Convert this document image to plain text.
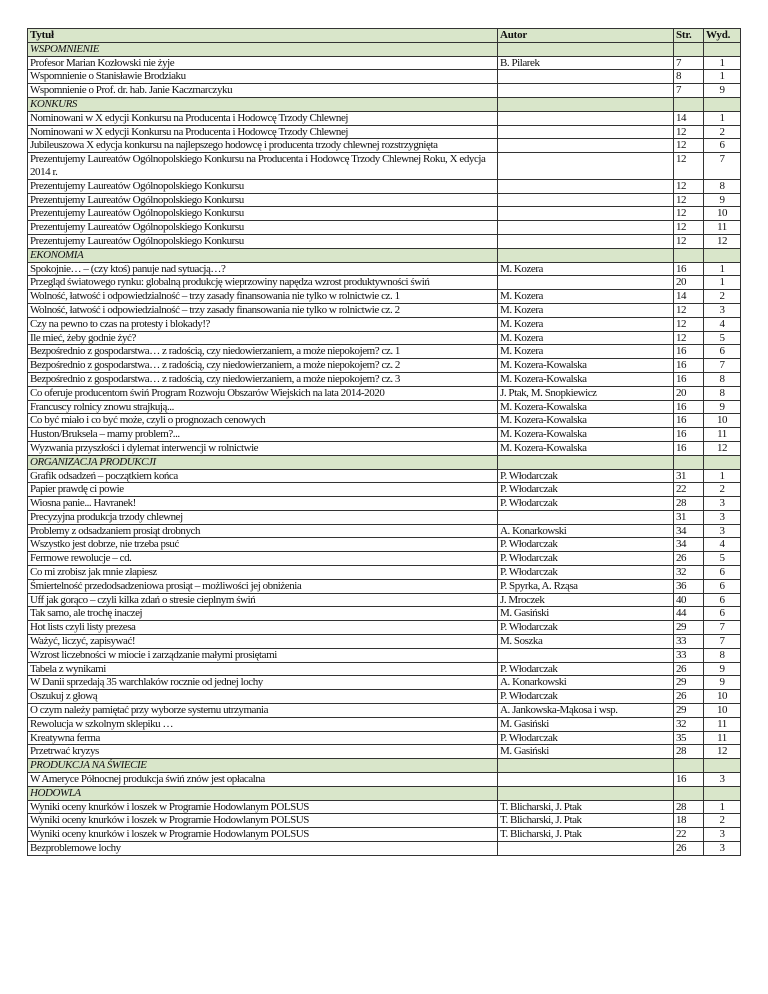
Tytuł	Autor	Str.	Wyd.
WSPOMNIENIE			
Profesor Marian Kozłowski nie żyje	B. Pilarek	7	1
Wspomnienie o Stanisławie Brodziaku		8	1
Wspomnienie o Prof. dr. hab. Janie Kaczmarczyku		7	9
KONKURS			
Nominowani w X edycji Konkursu na Producenta i Hodowcę Trzody Chlewnej		14	1
Nominowani w X edycji Konkursu na Producenta i Hodowcę Trzody Chlewnej		12	2
Jubileuszowa X edycja konkursu na najlepszego hodowcę i producenta trzody chlewnej rozstrzygnięta		12	6
Prezentujemy Laureatów Ogólnopolskiego Konkursu na Producenta i Hodowcę Trzody Chlewnej Roku, X edycja 2014 r.		12	7
Prezentujemy Laureatów Ogólnopolskiego Konkursu		12	8
Prezentujemy Laureatów Ogólnopolskiego Konkursu		12	9
Prezentujemy Laureatów Ogólnopolskiego Konkursu		12	10
Prezentujemy Laureatów Ogólnopolskiego Konkursu		12	11
Prezentujemy Laureatów Ogólnopolskiego Konkursu		12	12
EKONOMIA			
Spokojnie… – (czy ktoś) panuje nad sytuacją…?	M. Kozera	16	1
Przegląd światowego rynku: globalną produkcję wieprzowiny napędza wzrost produktywności świń		20	1
Wolność, łatwość i odpowiedzialność – trzy zasady finansowania nie tylko w rolnictwie cz. 1	M. Kozera	14	2
Wolność, łatwość i odpowiedzialność – trzy zasady finansowania nie tylko w rolnictwie cz. 2	M. Kozera	12	3
Czy na pewno to czas na protesty i blokady!?	M. Kozera	12	4
Ile mieć, żeby godnie żyć?	M. Kozera	12	5
Bezpośrednio z gospodarstwa… z radością, czy niedowierzaniem, a może niepokojem? cz. 1	M. Kozera	16	6
Bezpośrednio z gospodarstwa… z radością, czy niedowierzaniem, a może niepokojem? cz. 2	M. Kozera-Kowalska	16	7
Bezpośrednio z gospodarstwa… z radością, czy niedowierzaniem, a może niepokojem? cz. 3	M. Kozera-Kowalska	16	8
Co oferuje producentom świń Program Rozwoju Obszarów Wiejskich na lata 2014-2020	J. Ptak, M. Snopkiewicz	20	8
Francuscy rolnicy znowu strajkują...	M. Kozera-Kowalska	16	9
Co być miało i co być może, czyli o prognozach cenowych	M. Kozera-Kowalska	16	10
Huston/Bruksela – mamy problem?...	M. Kozera-Kowalska	16	11
Wyzwania przyszłości i dylemat interwencji w rolnictwie	M. Kozera-Kowalska	16	12
ORGANIZACJA PRODUKCJI			
Grafik odsadzeń – początkiem końca	P. Włodarczak	31	1
Papier prawdę ci powie	P. Włodarczak	22	2
Wiosna panie... Havranek!	P. Włodarczak	28	3
Precyzyjna produkcja trzody chlewnej		31	3
Problemy z odsadzaniem prosiąt drobnych	A. Konarkowski	34	3
Wszystko jest dobrze, nie trzeba psuć	P. Włodarczak	34	4
Fermowe rewolucje – cd.	P. Włodarczak	26	5
Co mi zrobisz jak mnie złapiesz	P. Włodarczak	32	6
Śmiertelność przedodsadzeniowa prosiąt – możliwości jej obniżenia	P. Spyrka, A. Rząsa	36	6
Uff jak gorąco – czyli kilka zdań o stresie cieplnym świń	J. Mroczek	40	6
Tak samo, ale trochę inaczej	M. Gasiński	44	6
Hot lists czyli listy prezesa	P. Włodarczak	29	7
Ważyć, liczyć, zapisywać!	M. Soszka	33	7
Wzrost liczebności w miocie i zarządzanie małymi prosiętami		33	8
Tabela z wynikami	P. Włodarczak	26	9
W Danii sprzedają 35 warchlaków rocznie od jednej lochy	A. Konarkowski	29	9
Oszukuj z głową	P. Włodarczak	26	10
O czym należy pamiętać przy wyborze systemu utrzymania	A. Jankowska-Mąkosa i wsp.	29	10
Rewolucja w szkolnym sklepiku …	M. Gasiński	32	11
Kreatywna ferma	P. Włodarczak	35	11
Przetrwać kryzys	M. Gasiński	28	12
PRODUKCJA NA ŚWIECIE			
W Ameryce Północnej produkcja świń znów jest opłacalna		16	3
HODOWLA			
Wyniki oceny knurków i loszek w Programie Hodowlanym POLSUS	T. Blicharski, J. Ptak	28	1
Wyniki oceny knurków i loszek w Programie Hodowlanym POLSUS	T. Blicharski, J. Ptak	18	2
Wyniki oceny knurków i loszek w Programie Hodowlanym POLSUS	T. Blicharski, J. Ptak	22	3
Bezproblemowe lochy		26	3
